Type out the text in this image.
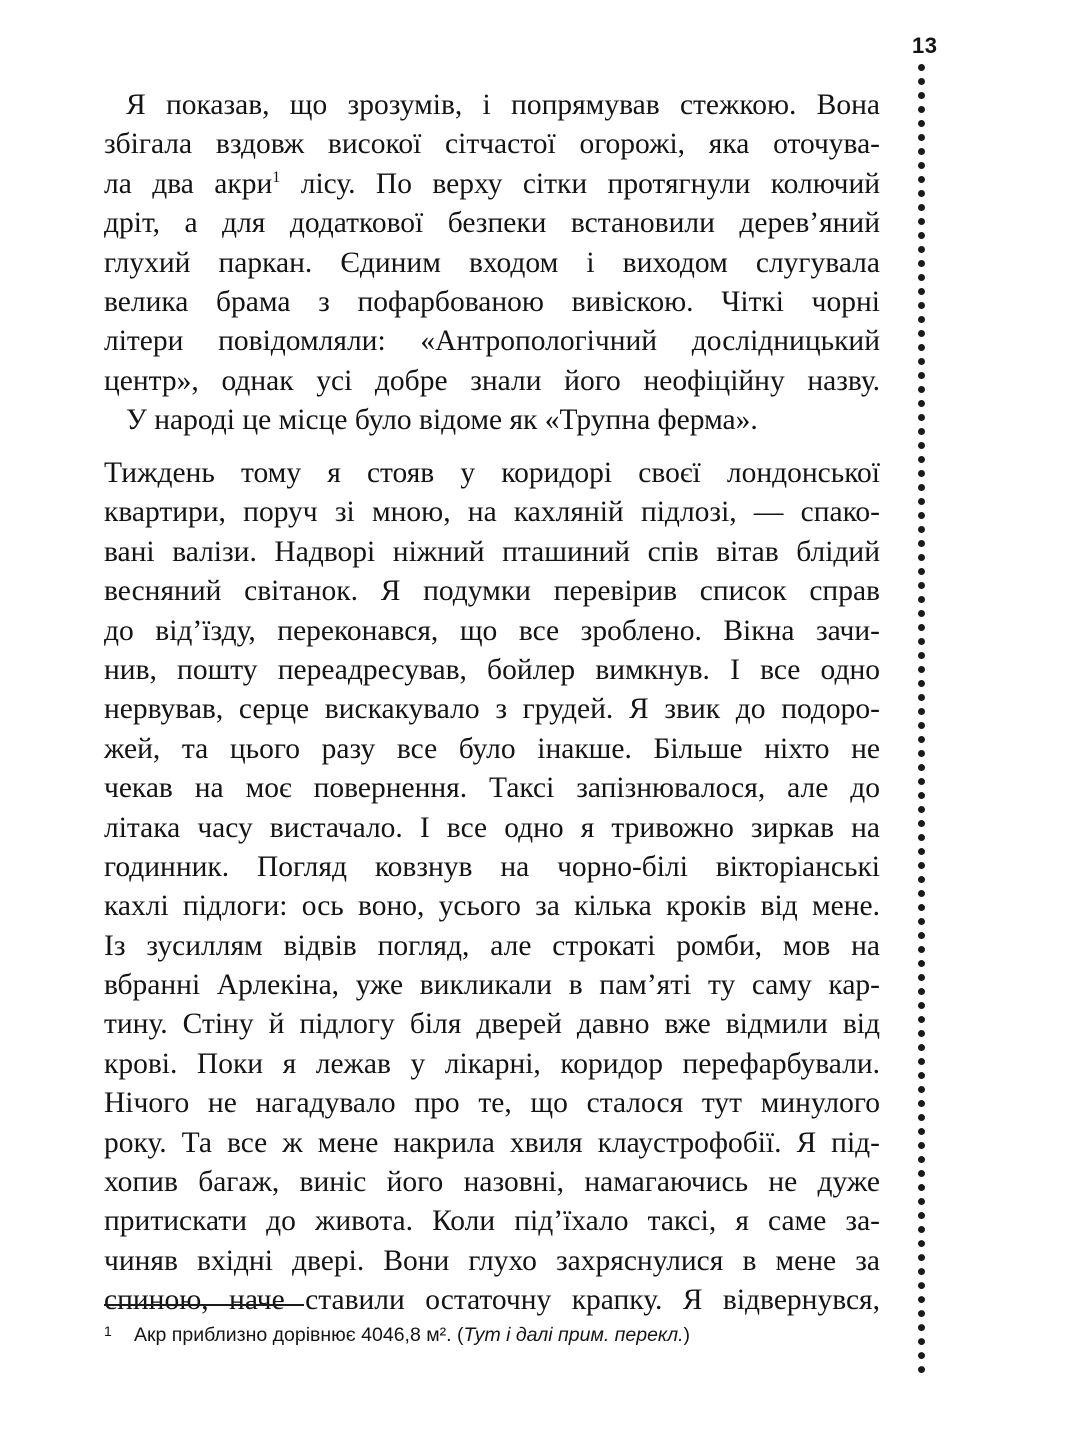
13
Я показав, що зрозумів, і попрямував стежкою. Вона
збігала вздовж високої сітчастої огорожі, яка оточува-
ла два акри$^1$ лісу. По верху сітки протягнули колючий
дріт, а для додаткової безпеки встановили дерев’яний
глухий паркан. Єдиним входом і виходом слугувала
велика брама з пофарбованою вивіскою. Чіткі чорні
літери повідомляли: «Антропологічний дослідницький
центр», однак усі добре знали його неофіційну назву.
У народі це місце було відоме як «Трупна ферма».
Тиждень тому я стояв у коридорі своєї лондонської
квартири, поруч зі мною, на кахляній підлозі, — спако-
вані валізи. Надворі ніжний пташиний спів вітав блідий
весняний світанок. Я подумки перевірив список справ
до від’їзду, переконався, що все зроблено. Вікна зачи-
нив, пошту переадресував, бойлер вимкнув. І все одно
нервував, серце вискакувало з грудей. Я звик до подоро-
жей, та цього разу все було інакше. Більше ніхто не
чекав на моє повернення. Таксі запізнювалося, але до
літака часу вистачало. І все одно я тривожно зиркав на
годинник. Погляд ковзнув на чорно-білі вікторіанські
кахлі підлоги: ось воно, усього за кілька кроків від мене.
Із зусиллям відвів погляд, але строкаті ромби, мов на
вбранні Арлекіна, уже викликали в пам’яті ту саму кар-
тину. Стіну й підлогу біля дверей давно вже відмили від
крові. Поки я лежав у лікарні, коридор перефарбували.
Нічого не нагадувало про те, що сталося тут минулого
року. Та все ж мене накрила хвиля клаустрофобії. Я під-
хопив багаж, виніс його назовні, намагаючись не дуже
притискати до живота. Коли під’їхало таксі, я саме за-
чиняв вхідні двері. Вони глухо захряснулися в мене за
спиною, наче ставили остаточну крапку. Я відвернувся,
1 Акр приблизно дорівнює 4046,8 м². (Тут і далі прим. перекл.)
